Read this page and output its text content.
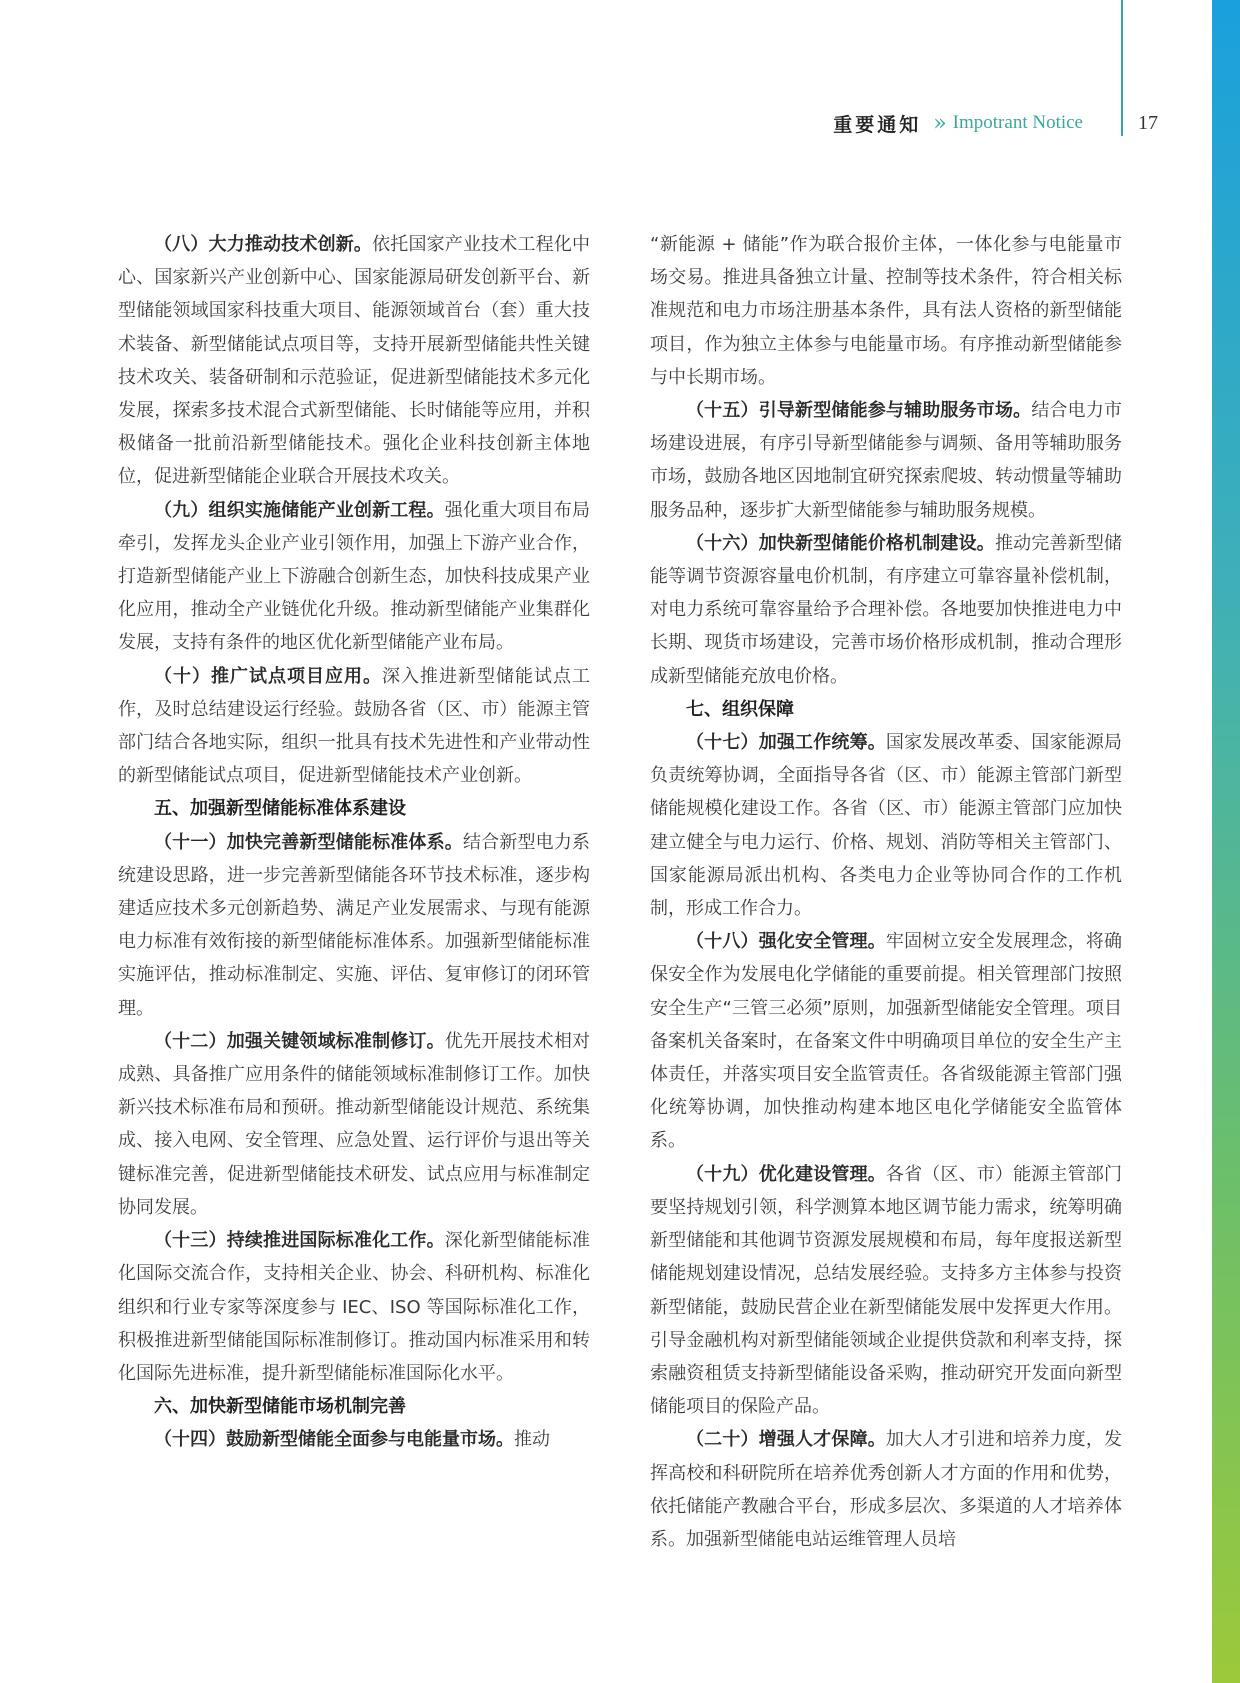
重要通知 » Impotrant Notice	17

（八）大力推动技术创新。依托国家产业技术工程化中心、国家新兴产业创新中心、国家能源局研发创新平台、新型储能领域国家科技重大项目、能源领域首台（套）重大技术装备、新型储能试点项目等，支持开展新型储能共性关键技术攻关、装备研制和示范验证，促进新型储能技术多元化发展，探索多技术混合式新型储能、长时储能等应用，并积极储备一批前沿新型储能技术。强化企业科技创新主体地位，促进新型储能企业联合开展技术攻关。

（九）组织实施储能产业创新工程。强化重大项目布局牵引，发挥龙头企业产业引领作用，加强上下游产业合作，打造新型储能产业上下游融合创新生态，加快科技成果产业化应用，推动全产业链优化升级。推动新型储能产业集群化发展，支持有条件的地区优化新型储能产业布局。

（十）推广试点项目应用。深入推进新型储能试点工作，及时总结建设运行经验。鼓励各省（区、市）能源主管部门结合各地实际，组织一批具有技术先进性和产业带动性的新型储能试点项目，促进新型储能技术产业创新。

五、加强新型储能标准体系建设

（十一）加快完善新型储能标准体系。结合新型电力系统建设思路，进一步完善新型储能各环节技术标准，逐步构建适应技术多元创新趋势、满足产业发展需求、与现有能源电力标准有效衔接的新型储能标准体系。加强新型储能标准实施评估，推动标准制定、实施、评估、复审修订的闭环管理。

（十二）加强关键领域标准制修订。优先开展技术相对成熟、具备推广应用条件的储能领域标准制修订工作。加快新兴技术标准布局和预研。推动新型储能设计规范、系统集成、接入电网、安全管理、应急处置、运行评价与退出等关键标准完善，促进新型储能技术研发、试点应用与标准制定协同发展。

（十三）持续推进国际标准化工作。深化新型储能标准化国际交流合作，支持相关企业、协会、科研机构、标准化组织和行业专家等深度参与 IEC、ISO 等国际标准化工作，积极推进新型储能国际标准制修订。推动国内标准采用和转化国际先进标准，提升新型储能标准国际化水平。

六、加快新型储能市场机制完善

（十四）鼓励新型储能全面参与电能量市场。推动

“新能源 + 储能”作为联合报价主体，一体化参与电能量市场交易。推进具备独立计量、控制等技术条件，符合相关标准规范和电力市场注册基本条件，具有法人资格的新型储能项目，作为独立主体参与电能量市场。有序推动新型储能参与中长期市场。

（十五）引导新型储能参与辅助服务市场。结合电力市场建设进展，有序引导新型储能参与调频、备用等辅助服务市场，鼓励各地区因地制宜研究探索爬坡、转动惯量等辅助服务品种，逐步扩大新型储能参与辅助服务规模。

（十六）加快新型储能价格机制建设。推动完善新型储能等调节资源容量电价机制，有序建立可靠容量补偿机制，对电力系统可靠容量给予合理补偿。各地要加快推进电力中长期、现货市场建设，完善市场价格形成机制，推动合理形成新型储能充放电价格。

七、组织保障

（十七）加强工作统筹。国家发展改革委、国家能源局负责统筹协调，全面指导各省（区、市）能源主管部门新型储能规模化建设工作。各省（区、市）能源主管部门应加快建立健全与电力运行、价格、规划、消防等相关主管部门、国家能源局派出机构、各类电力企业等协同合作的工作机制，形成工作合力。

（十八）强化安全管理。牢固树立安全发展理念，将确保安全作为发展电化学储能的重要前提。相关管理部门按照安全生产“三管三必须”原则，加强新型储能安全管理。项目备案机关备案时，在备案文件中明确项目单位的安全生产主体责任，并落实项目安全监管责任。各省级能源主管部门强化统筹协调，加快推动构建本地区电化学储能安全监管体系。

（十九）优化建设管理。各省（区、市）能源主管部门要坚持规划引领，科学测算本地区调节能力需求，统筹明确新型储能和其他调节资源发展规模和布局，每年度报送新型储能规划建设情况，总结发展经验。支持多方主体参与投资新型储能，鼓励民营企业在新型储能发展中发挥更大作用。引导金融机构对新型储能领域企业提供贷款和利率支持，探索融资租赁支持新型储能设备采购，推动研究开发面向新型储能项目的保险产品。

（二十）增强人才保障。加大人才引进和培养力度，发挥高校和科研院所在培养优秀创新人才方面的作用和优势，依托储能产教融合平台，形成多层次、多渠道的人才培养体系。加强新型储能电站运维管理人员培
